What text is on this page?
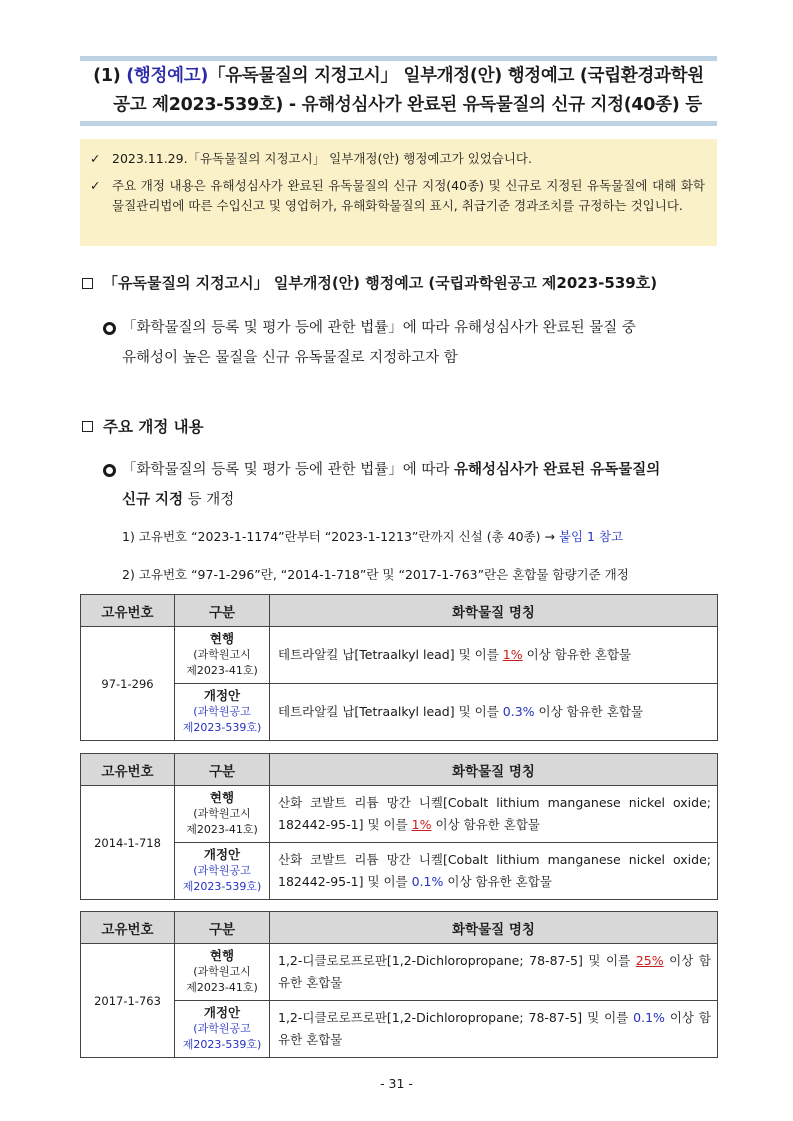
(1) (행정예고)「유독물질의 지정고시」 일부개정(안) 행정예고 (국립환경과학원
공고 제2023-539호) - 유해성심사가 완료된 유독물질의 신규 지정(40종) 등
✓ 2023.11.29.「유독물질의 지정고시」 일부개정(안) 행정예고가 있었습니다.
✓ 주요 개정 내용은 유해성심사가 완료된 유독물질의 신규 지정(40종) 및 신규로 지정된 유독물질에 대해 화학물질관리법에 따른 수입신고 및 영업허가, 유해화학물질의 표시, 취급기준 경과조치를 규정하는 것입니다.
「유독물질의 지정고시」 일부개정(안) 행정예고 (국립과학원공고 제2023-539호)
「화학물질의 등록 및 평가 등에 관한 법률」에 따라 유해성심사가 완료된 물질 중
유해성이 높은 물질을 신규 유독물질로 지정하고자 함
주요 개정 내용
「화학물질의 등록 및 평가 등에 관한 법률」에 따라 유해성심사가 완료된 유독물질의
신규 지정 등 개정
1) 고유번호 “2023-1-1174”란부터 “2023-1-1213”란까지 신설 (총 40종) → 붙임 1 참고
2) 고유번호 “97-1-296”란, “2014-1-718”란 및 “2017-1-763”란은 혼합물 함량기준 개정
고유번호	구분	화학물질 명칭
97-1-296	현행
(과학원고시
제2023-41호)	테트라알킬 납[Tetraalkyl lead] 및 이를 1% 이상 함유한 혼합물

	개정안
(과학원공고
제2023-539호)	테트라알킬 납[Tetraalkyl lead] 및 이를 0.3% 이상 함유한 혼합물
고유번호	구분	화학물질 명칭
2014-1-718	현행
(과학원고시
제2023-41호)	산화 코발트 리튬 망간 니켈[Cobalt lithium manganese nickel oxide; 182442-95-1] 및 이를 1% 이상 함유한 혼합물

	개정안
(과학원공고
제2023-539호)	산화 코발트 리튬 망간 니켈[Cobalt lithium manganese nickel oxide; 182442-95-1] 및 이를 0.1% 이상 함유한 혼합물
고유번호	구분	화학물질 명칭
2017-1-763	현행
(과학원고시
제2023-41호)	1,2-디클로로프로판[1,2-Dichloropropane; 78-87-5] 및 이를 25% 이상 함유한 혼합물

	개정안
(과학원공고
제2023-539호)	1,2-디클로로프로판[1,2-Dichloropropane; 78-87-5] 및 이를 0.1% 이상 함유한 혼합물
- 31 -
